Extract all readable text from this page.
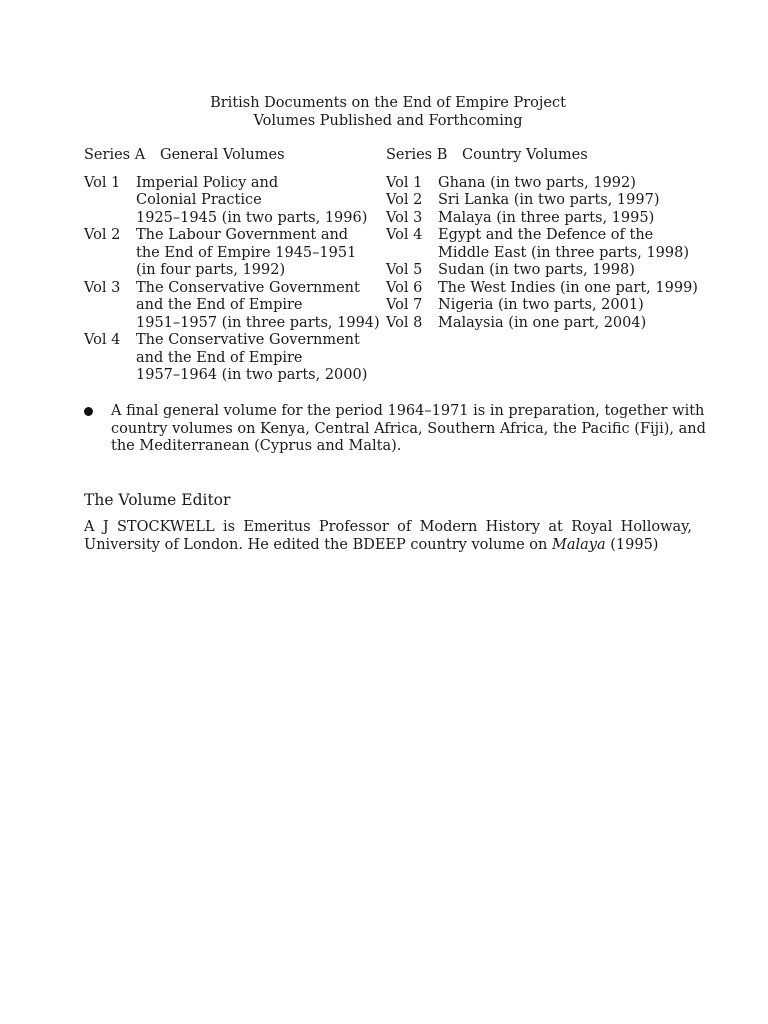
British Documents on the End of Empire Project
Volumes Published and Forthcoming
Series A	General Volumes
Vol 1	Imperial Policy and
Colonial Practice
1925–1945 (in two parts, 1996)
Vol 2	The Labour Government and
the End of Empire 1945–1951
(in four parts, 1992)
Vol 3	The Conservative Government
and the End of Empire
1951–1957 (in three parts, 1994)
Vol 4	The Conservative Government
and the End of Empire
1957–1964 (in two parts, 2000)
Series B	Country Volumes
Vol 1	Ghana (in two parts, 1992)
Vol 2	Sri Lanka (in two parts, 1997)
Vol 3	Malaya (in three parts, 1995)
Vol 4	Egypt and the Defence of the
Middle East (in three parts, 1998)
Vol 5	Sudan (in two parts, 1998)
Vol 6	The West Indies (in one part, 1999)
Vol 7	Nigeria (in two parts, 2001)
Vol 8	Malaysia (in one part, 2004)
A final general volume for the period 1964–1971 is in preparation, together with
country volumes on Kenya, Central Africa, Southern Africa, the Pacific (Fiji), and
the Mediterranean (Cyprus and Malta).
The Volume Editor
A J STOCKWELL is Emeritus Professor of Modern History at Royal Holloway,
University of London. He edited the BDEEP country volume on Malaya (1995)
